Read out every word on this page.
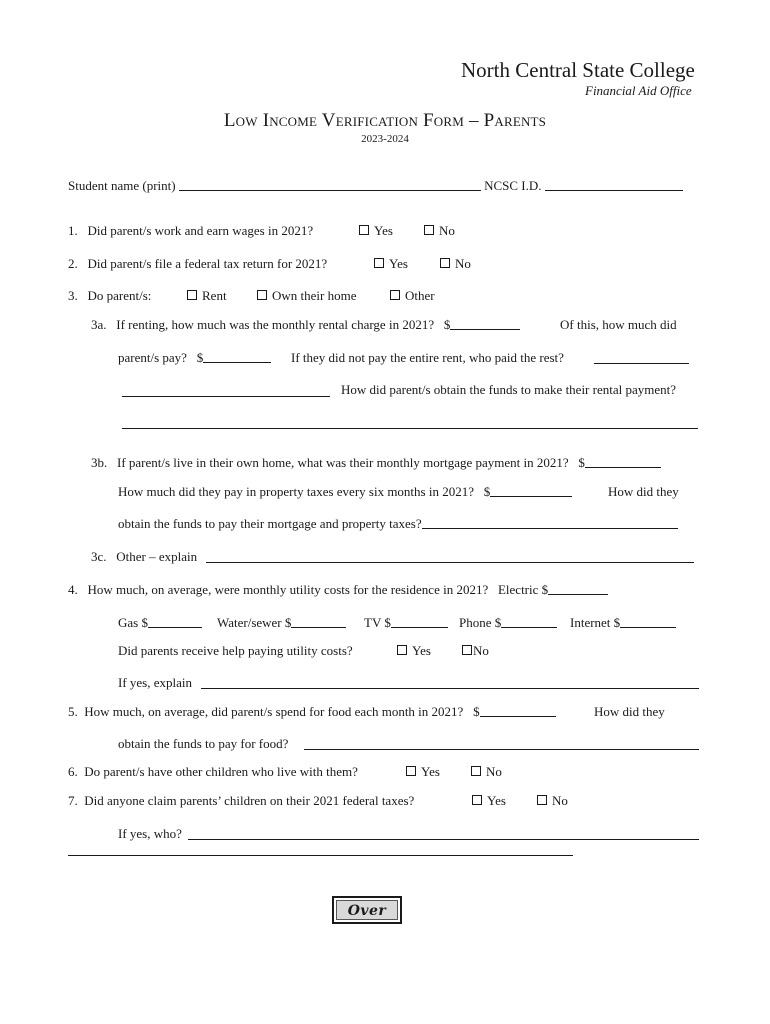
North Central State College
Financial Aid Office
Low Income Verification Form – Parents
2023-2024
Student name (print)	NCSC I.D.
1.   Did parent/s work and earn wages in 2021?	Yes	No
2.   Did parent/s file a federal tax return for 2021?	Yes	No
3.   Do parent/s:	Rent	Own their home	Other
3a.   If renting, how much was the monthly rental charge in 2021?   $	Of this, how much did
parent/s pay?   $	If they did not pay the entire rent, who paid the rest?
How did parent/s obtain the funds to make their rental payment?
3b.   If parent/s live in their own home, what was their monthly mortgage payment in 2021?   $
How much did they pay in property taxes every six months in 2021?   $	How did they
obtain the funds to pay their mortgage and property taxes?
3c.   Other – explain
4.   How much, on average, were monthly utility costs for the residence in 2021?   Electric $
Gas $	Water/sewer $	TV $	Phone $	Internet $
Did parents receive help paying utility costs?	Yes	No
If yes, explain
5.  How much, on average, did parent/s spend for food each month in 2021?   $	How did they
obtain the funds to pay for food?
6.  Do parent/s have other children who live with them?	Yes	No
7.  Did anyone claim parents’ children on their 2021 federal taxes?	Yes	No
If yes, who?
Over
